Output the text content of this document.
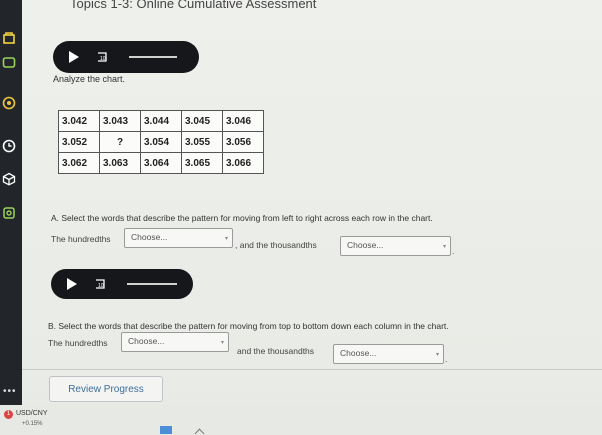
•••
Topics 1-3: Online Cumulative Assessment
10
Analyze the chart.
3.042	3.043	3.044	3.045	3.046
3.052	?	3.054	3.055	3.056
3.062	3.063	3.064	3.065	3.066
A. Select the words that describe the pattern for moving from left to right across each row in the chart.
The hundredths	Choose...	▾
, and the thousandths	Choose...	▾ .
10
B. Select the words that describe the pattern for moving from top to bottom down each column in the chart.
The hundredths	Choose...	▾
and the thousandths	Choose...	▾ .
Review Progress
1 USD/CNY
+0.15%
